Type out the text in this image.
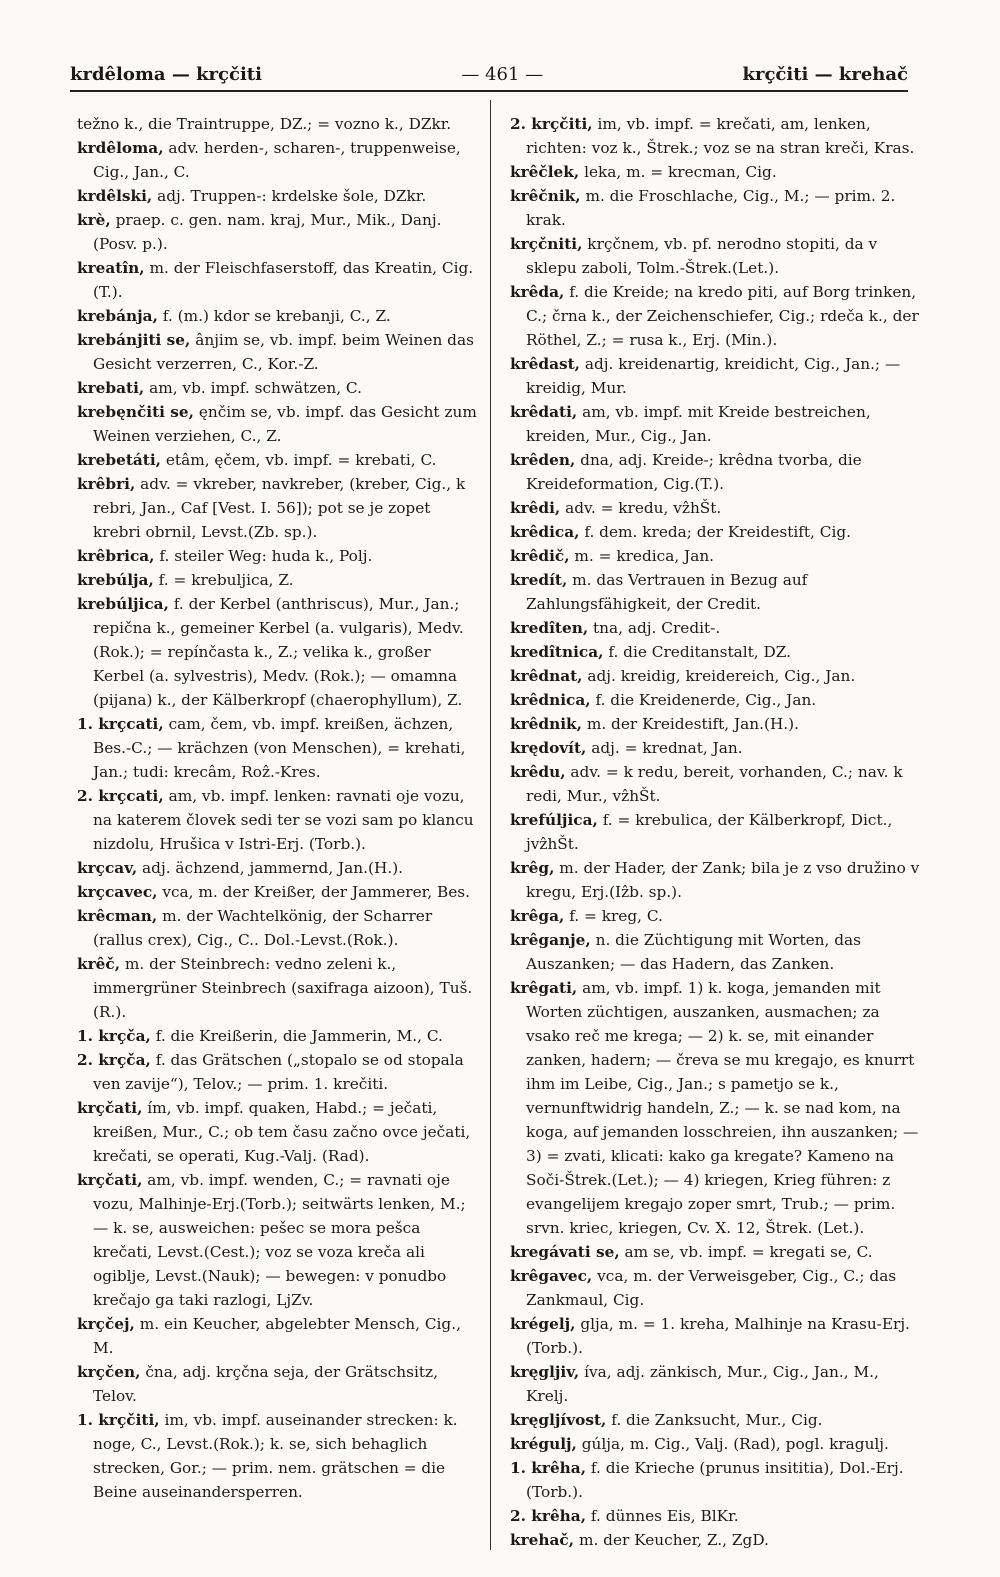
krdêloma — krçčiti	— 461 —	krçčiti — krehač

težno k., die Traintruppe, DZ.; = vozno k., DZkr.

krdêloma, adv. herden-, scharen-, truppenweise, Cig., Jan., C.

krdêlski, adj. Truppen-: krdelske šole, DZkr.

krè, praep. c. gen. nam. kraj, Mur., Mik., Danj. (Posv. p.).

kreatîn, m. der Fleischfaserstoff, das Kreatin, Cig. (T.).

krebánja, f. (m.) kdor se krebanji, C., Z.

krebánjiti se, ânjim se, vb. impf. beim Weinen das Gesicht verzerren, C., Kor.-Z.

krebati, am, vb. impf. schwätzen, C.

krebęnčiti se, ęnčim se, vb. impf. das Gesicht zum Weinen verziehen, C., Z.

krebetáti, etâm, ęčem, vb. impf. = krebati, C.

krêbri, adv. = vkreber, navkreber, (kreber, Cig., k rebri, Jan., Caf [Vest. I. 56]); pot se je zopet krebri obrnil, Levst.(Zb. sp.).

krêbrica, f. steiler Weg: huda k., Polj.

krebúlja, f. = krebuljica, Z.

krebúljica, f. der Kerbel (anthriscus), Mur., Jan.; repična k., gemeiner Kerbel (a. vulgaris), Medv.(Rok.); = repínčasta k., Z.; velika k., großer Kerbel (a. sylvestris), Medv. (Rok.); — omamna (pijana) k., der Kälberkropf (chaerophyllum), Z.

1. krçcati, cam, čem, vb. impf. kreißen, ächzen, Bes.-C.; — krächzen (von Menschen), = krehati, Jan.; tudi: krecâm, Roẑ.-Kres.

2. krçcati, am, vb. impf. lenken: ravnati oje vozu, na katerem človek sedi ter se vozi sam po klancu nizdolu, Hrušica v Istri-Erj. (Torb.).

krçcav, adj. ächzend, jammernd, Jan.(H.).

krçcavec, vca, m. der Kreißer, der Jammerer, Bes.

krêcman, m. der Wachtelkönig, der Scharrer (rallus crex), Cig., C.. Dol.-Levst.(Rok.).

krêč, m. der Steinbrech: vedno zeleni k., immergrüner Steinbrech (saxifraga aizoon), Tuš. (R.).

1. krçča, f. die Kreißerin, die Jammerin, M., C.

2. krçča, f. das Grätschen („stopalo se od stopala ven zavije“), Telov.; — prim. 1. krečiti.

krçčati, ím, vb. impf. quaken, Habd.; = ječati, kreißen, Mur., C.; ob tem času začno ovce ječati, krečati, se operati, Kug.-Valj. (Rad).

krçčati, am, vb. impf. wenden, C.; = ravnati oje vozu, Malhinje-Erj.(Torb.); seitwärts lenken, M.; — k. se, ausweichen: pešec se mora pešca krečati, Levst.(Cest.); voz se voza kreča ali ogiblje, Levst.(Nauk); — bewegen: v ponudbo krečajo ga taki razlogi, LjZv.

krçčej, m. ein Keucher, abgelebter Mensch, Cig., M.

krçčen, čna, adj. krçčna seja, der Grätschsitz, Telov.

1. krçčiti, im, vb. impf. auseinander strecken: k. noge, C., Levst.(Rok.); k. se, sich behaglich strecken, Gor.; — prim. nem. grätschen = die Beine auseinandersperren.

2. krçčiti, im, vb. impf. = krečati, am, lenken, richten: voz k., Štrek.; voz se na stran kreči, Kras.

krêčlek, leka, m. = krecman, Cig.

krêčnik, m. die Froschlache, Cig., M.; — prim. 2. krak.

krçčniti, krçčnem, vb. pf. nerodno stopiti, da v sklepu zaboli, Tolm.-Štrek.(Let.).

krêda, f. die Kreide; na kredo piti, auf Borg trinken, C.; črna k., der Zeichenschiefer, Cig.; rdeča k., der Röthel, Z.; = rusa k., Erj. (Min.).

krêdast, adj. kreidenartig, kreidicht, Cig., Jan.; — kreidig, Mur.

krêdati, am, vb. impf. mit Kreide bestreichen, kreiden, Mur., Cig., Jan.

krêden, dna, adj. Kreide-; krêdna tvorba, die Kreideformation, Cig.(T.).

krêdi, adv. = kredu, vẑhŠt.

krêdica, f. dem. kreda; der Kreidestift, Cig.

krêdič, m. = kredica, Jan.

kredít, m. das Vertrauen in Bezug auf Zahlungsfähigkeit, der Credit.

kredîten, tna, adj. Credit-.

kredîtnica, f. die Creditanstalt, DZ.

krêdnat, adj. kreidig, kreidereich, Cig., Jan.

krêdnica, f. die Kreidenerde, Cig., Jan.

krêdnik, m. der Kreidestift, Jan.(H.).

krędovít, adj. = krednat, Jan.

krêdu, adv. = k redu, bereit, vorhanden, C.; nav. k redi, Mur., vẑhŠt.

krefúljica, f. = krebulica, der Kälberkropf, Dict., jvẑhŠt.

krêg, m. der Hader, der Zank; bila je z vso družino v kregu, Erj.(Iẑb. sp.).

krêga, f. = kreg, C.

krêganje, n. die Züchtigung mit Worten, das Auszanken; — das Hadern, das Zanken.

krêgati, am, vb. impf. 1) k. koga, jemanden mit Worten züchtigen, auszanken, ausmachen; za vsako reč me krega; — 2) k. se, mit einander zanken, hadern; — čreva se mu kregajo, es knurrt ihm im Leibe, Cig., Jan.; s pametjo se k., vernunftwidrig handeln, Z.; — k. se nad kom, na koga, auf jemanden losschreien, ihn auszanken; — 3) = zvati, klicati: kako ga kregate? Kameno na Soči-Štrek.(Let.); — 4) kriegen, Krieg führen: z evangelijem kregajo zoper smrt, Trub.; — prim. srvn. kriec, kriegen, Cv. X. 12, Štrek. (Let.).

kregávati se, am se, vb. impf. = kregati se, C.

krêgavec, vca, m. der Verweisgeber, Cig., C.; das Zankmaul, Cig.

krégelj, glja, m. = 1. kreha, Malhinje na Krasu-Erj. (Torb.).

kręgljiv, íva, adj. zänkisch, Mur., Cig., Jan., M., Krelj.

kręgljívost, f. die Zanksucht, Mur., Cig.

krégulj, gúlja, m. Cig., Valj. (Rad), pogl. kragulj.

1. krêha, f. die Krieche (prunus insititia), Dol.-Erj.(Torb.).

2. krêha, f. dünnes Eis, BlKr.

krehač, m. der Keucher, Z., ZgD.
